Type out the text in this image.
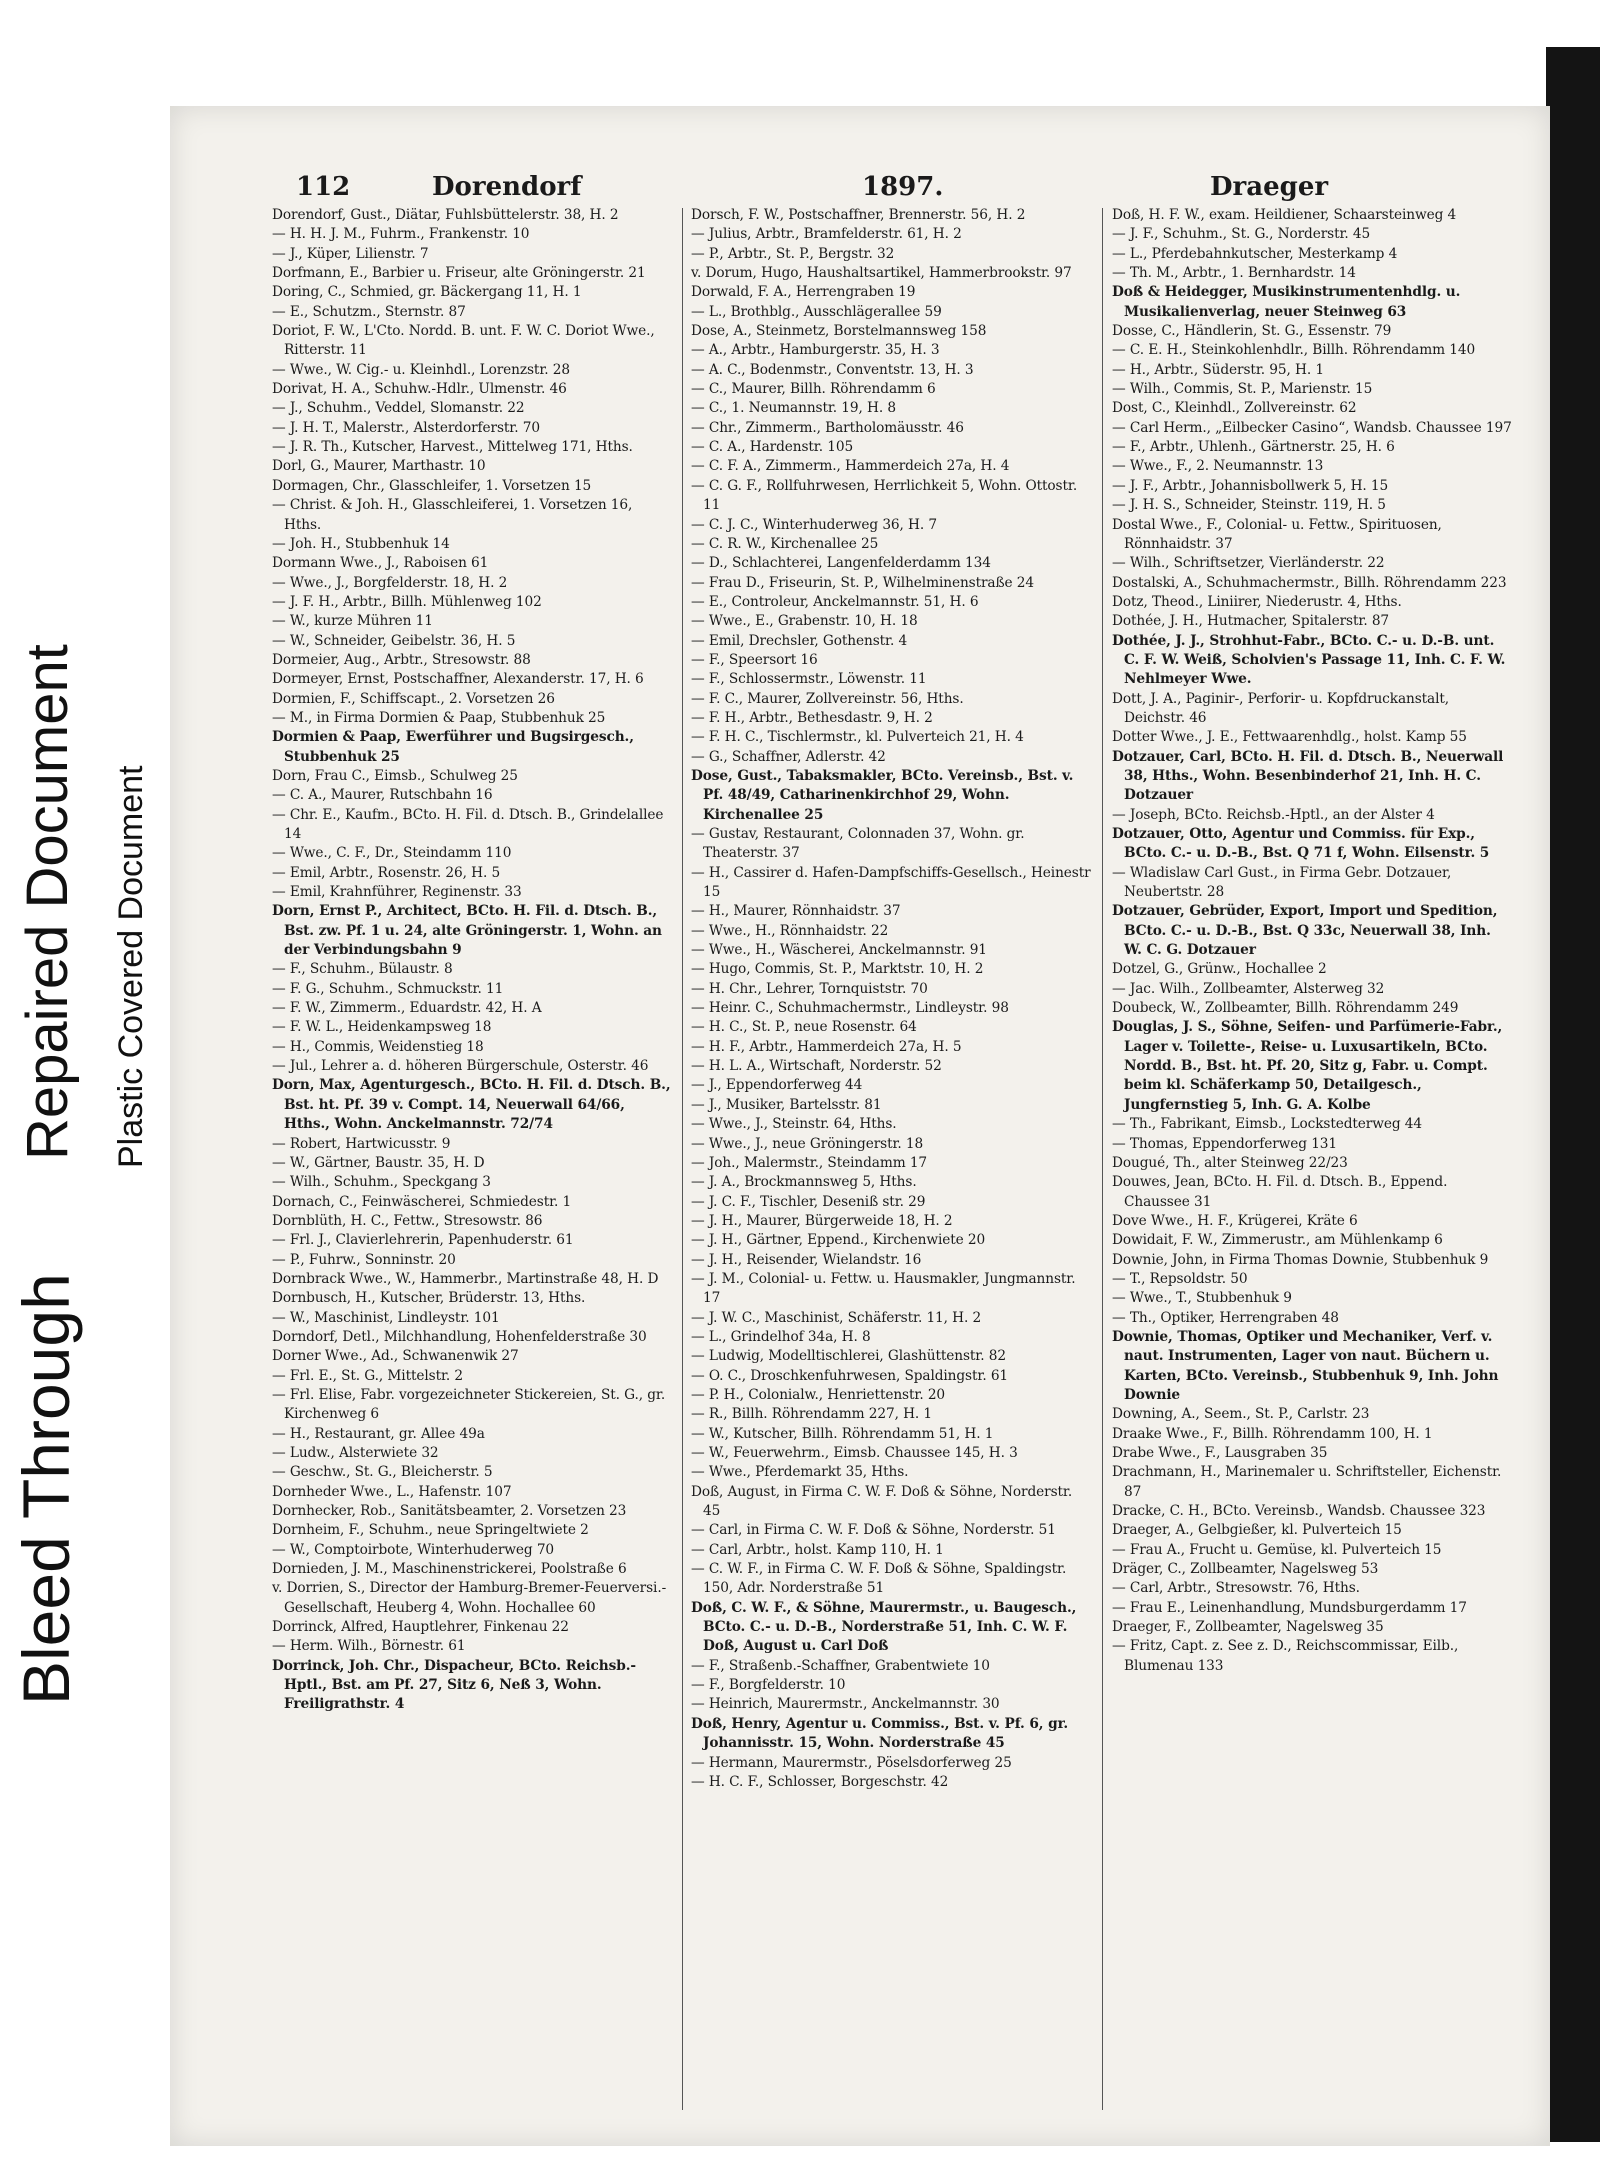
Bleed Through
Repaired Document Plastic Covered Document
112	Dorendorf	1897.	Draeger
Dorendorf, Gust., Diätar, Fuhlsbüttelerstr. 38, H. 2
— H. H. J. M., Fuhrm., Frankenstr. 10
— J., Küper, Lilienstr. 7
Dorfmann, E., Barbier u. Friseur, alte Gröningerstr. 21
Doring, C., Schmied, gr. Bäckergang 11, H. 1
— E., Schutzm., Sternstr. 87
Doriot, F. W., L'Cto. Nordd. B. unt. F. W. C. Doriot Wwe., Ritterstr. 11
— Wwe., W. Cig.- u. Kleinhdl., Lorenzstr. 28
Dorivat, H. A., Schuhw.-Hdlr., Ulmenstr. 46
— J., Schuhm., Veddel, Slomanstr. 22
— J. H. T., Malerstr., Alsterdorferstr. 70
— J. R. Th., Kutscher, Harvest., Mittelweg 171, Hths.
Dorl, G., Maurer, Marthastr. 10
Dormagen, Chr., Glasschleifer, 1. Vorsetzen 15
— Christ. & Joh. H., Glasschleiferei, 1. Vorsetzen 16, Hths.
— Joh. H., Stubbenhuk 14
Dormann Wwe., J., Raboisen 61
— Wwe., J., Borgfelderstr. 18, H. 2
— J. F. H., Arbtr., Billh. Mühlenweg 102
— W., kurze Mühren 11
— W., Schneider, Geibelstr. 36, H. 5
Dormeier, Aug., Arbtr., Stresowstr. 88
Dormeyer, Ernst, Postschaffner, Alexanderstr. 17, H. 6
Dormien, F., Schiffscapt., 2. Vorsetzen 26
— M., in Firma Dormien & Paap, Stubbenhuk 25
Dormien & Paap, Ewerführer und Bugsirgesch., Stubbenhuk 25
Dorn, Frau C., Eimsb., Schulweg 25
— C. A., Maurer, Rutschbahn 16
— Chr. E., Kaufm., BCto. H. Fil. d. Dtsch. B., Grindelallee 14
— Wwe., C. F., Dr., Steindamm 110
— Emil, Arbtr., Rosenstr. 26, H. 5
— Emil, Krahnführer, Reginenstr. 33
Dorn, Ernst P., Architect, BCto. H. Fil. d. Dtsch. B., Bst. zw. Pf. 1 u. 24, alte Gröningerstr. 1, Wohn. an der Verbindungsbahn 9
— F., Schuhm., Bülaustr. 8
— F. G., Schuhm., Schmuckstr. 11
— F. W., Zimmerm., Eduardstr. 42, H. A
— F. W. L., Heidenkampsweg 18
— H., Commis, Weidenstieg 18
— Jul., Lehrer a. d. höheren Bürgerschule, Osterstr. 46
Dorn, Max, Agenturgesch., BCto. H. Fil. d. Dtsch. B., Bst. ht. Pf. 39 v. Compt. 14, Neuerwall 64/66, Hths., Wohn. Anckelmannstr. 72/74
— Robert, Hartwicusstr. 9
— W., Gärtner, Baustr. 35, H. D
— Wilh., Schuhm., Speckgang 3
Dornach, C., Feinwäscherei, Schmiedestr. 1
Dornblüth, H. C., Fettw., Stresowstr. 86
— Frl. J., Clavierlehrerin, Papenhuderstr. 61
— P., Fuhrw., Sonninstr. 20
Dornbrack Wwe., W., Hammerbr., Martinstraße 48, H. D
Dornbusch, H., Kutscher, Brüderstr. 13, Hths.
— W., Maschinist, Lindleystr. 101
Dorndorf, Detl., Milchhandlung, Hohenfelderstraße 30
Dorner Wwe., Ad., Schwanenwik 27
— Frl. E., St. G., Mittelstr. 2
— Frl. Elise, Fabr. vorgezeichneter Stickereien, St. G., gr. Kirchenweg 6
— H., Restaurant, gr. Allee 49a
— Ludw., Alsterwiete 32
— Geschw., St. G., Bleicherstr. 5
Dornheder Wwe., L., Hafenstr. 107
Dornhecker, Rob., Sanitätsbeamter, 2. Vorsetzen 23
Dornheim, F., Schuhm., neue Springeltwiete 2
— W., Comptoirbote, Winterhuderweg 70
Dornieden, J. M., Maschinenstrickerei, Poolstraße 6
v. Dorrien, S., Director der Hamburg-Bremer-Feuerversi.-Gesellschaft, Heuberg 4, Wohn. Hochallee 60
Dorrinck, Alfred, Hauptlehrer, Finkenau 22
— Herm. Wilh., Börnestr. 61
Dorrinck, Joh. Chr., Dispacheur, BCto. Reichsb.-Hptl., Bst. am Pf. 27, Sitz 6, Neß 3, Wohn. Freiligrathstr. 4
Dorsch, F. W., Postschaffner, Brennerstr. 56, H. 2
— Julius, Arbtr., Bramfelderstr. 61, H. 2
— P., Arbtr., St. P., Bergstr. 32
v. Dorum, Hugo, Haushaltsartikel, Hammerbrookstr. 97
Dorwald, F. A., Herrengraben 19
— L., Brothblg., Ausschlägerallee 59
Dose, A., Steinmetz, Borstelmannsweg 158
— A., Arbtr., Hamburgerstr. 35, H. 3
— A. C., Bodenmstr., Conventstr. 13, H. 3
— C., Maurer, Billh. Röhrendamm 6
— C., 1. Neumannstr. 19, H. 8
— Chr., Zimmerm., Bartholomäusstr. 46
— C. A., Hardenstr. 105
— C. F. A., Zimmerm., Hammerdeich 27a, H. 4
— C. G. F., Rollfuhrwesen, Herrlichkeit 5, Wohn. Ottostr. 11
— C. J. C., Winterhuderweg 36, H. 7
— C. R. W., Kirchenallee 25
— D., Schlachterei, Langenfelderdamm 134
— Frau D., Friseurin, St. P., Wilhelminenstraße 24
— E., Controleur, Anckelmannstr. 51, H. 6
— Wwe., E., Grabenstr. 10, H. 18
— Emil, Drechsler, Gothenstr. 4
— F., Speersort 16
— F., Schlossermstr., Löwenstr. 11
— F. C., Maurer, Zollvereinstr. 56, Hths.
— F. H., Arbtr., Bethesdastr. 9, H. 2
— F. H. C., Tischlermstr., kl. Pulverteich 21, H. 4
— G., Schaffner, Adlerstr. 42
Dose, Gust., Tabaksmakler, BCto. Vereinsb., Bst. v. Pf. 48/49, Catharinenkirchhof 29, Wohn. Kirchenallee 25
— Gustav, Restaurant, Colonnaden 37, Wohn. gr. Theaterstr. 37
— H., Cassirer d. Hafen-Dampfschiffs-Gesellsch., Heinestr 15
— H., Maurer, Rönnhaidstr. 37
— Wwe., H., Rönnhaidstr. 22
— Wwe., H., Wäscherei, Anckelmannstr. 91
— Hugo, Commis, St. P., Marktstr. 10, H. 2
— H. Chr., Lehrer, Tornquiststr. 70
— Heinr. C., Schuhmachermstr., Lindleystr. 98
— H. C., St. P., neue Rosenstr. 64
— H. F., Arbtr., Hammerdeich 27a, H. 5
— H. L. A., Wirtschaft, Norderstr. 52
— J., Eppendorferweg 44
— J., Musiker, Bartelsstr. 81
— Wwe., J., Steinstr. 64, Hths.
— Wwe., J., neue Gröningerstr. 18
— Joh., Malermstr., Steindamm 17
— J. A., Brockmannsweg 5, Hths.
— J. C. F., Tischler, Deseniß str. 29
— J. H., Maurer, Bürgerweide 18, H. 2
— J. H., Gärtner, Eppend., Kirchenwiete 20
— J. H., Reisender, Wielandstr. 16
— J. M., Colonial- u. Fettw. u. Hausmakler, Jungmannstr. 17
— J. W. C., Maschinist, Schäferstr. 11, H. 2
— L., Grindelhof 34a, H. 8
— Ludwig, Modelltischlerei, Glashüttenstr. 82
— O. C., Droschkenfuhrwesen, Spaldingstr. 61
— P. H., Colonialw., Henriettenstr. 20
— R., Billh. Röhrendamm 227, H. 1
— W., Kutscher, Billh. Röhrendamm 51, H. 1
— W., Feuerwehrm., Eimsb. Chaussee 145, H. 3
— Wwe., Pferdemarkt 35, Hths.
Doß, August, in Firma C. W. F. Doß & Söhne, Norderstr. 45
— Carl, in Firma C. W. F. Doß & Söhne, Norderstr. 51
— Carl, Arbtr., holst. Kamp 110, H. 1
— C. W. F., in Firma C. W. F. Doß & Söhne, Spaldingstr. 150, Adr. Norderstraße 51
Doß, C. W. F., & Söhne, Maurermstr., u. Baugesch., BCto. C.- u. D.-B., Norderstraße 51, Inh. C. W. F. Doß, August u. Carl Doß
— F., Straßenb.-Schaffner, Grabentwiete 10
— F., Borgfelderstr. 10
— Heinrich, Maurermstr., Anckelmannstr. 30
Doß, Henry, Agentur u. Commiss., Bst. v. Pf. 6, gr. Johannisstr. 15, Wohn. Norderstraße 45
— Hermann, Maurermstr., Pöselsdorferweg 25
— H. C. F., Schlosser, Borgeschstr. 42
Doß, H. F. W., exam. Heildiener, Schaarsteinweg 4
— J. F., Schuhm., St. G., Norderstr. 45
— L., Pferdebahnkutscher, Mesterkamp 4
— Th. M., Arbtr., 1. Bernhardstr. 14
Doß & Heidegger, Musikinstrumentenhdlg. u. Musikalienverlag, neuer Steinweg 63
Dosse, C., Händlerin, St. G., Essenstr. 79
— C. E. H., Steinkohlenhdlr., Billh. Röhrendamm 140
— H., Arbtr., Süderstr. 95, H. 1
— Wilh., Commis, St. P., Marienstr. 15
Dost, C., Kleinhdl., Zollvereinstr. 62
— Carl Herm., „Eilbecker Casino“, Wandsb. Chaussee 197
— F., Arbtr., Uhlenh., Gärtnerstr. 25, H. 6
— Wwe., F., 2. Neumannstr. 13
— J. F., Arbtr., Johannisbollwerk 5, H. 15
— J. H. S., Schneider, Steinstr. 119, H. 5
Dostal Wwe., F., Colonial- u. Fettw., Spirituosen, Rönnhaidstr. 37
— Wilh., Schriftsetzer, Vierländerstr. 22
Dostalski, A., Schuhmachermstr., Billh. Röhrendamm 223
Dotz, Theod., Liniirer, Niederustr. 4, Hths.
Dothée, J. H., Hutmacher, Spitalerstr. 87
Dothée, J. J., Strohhut-Fabr., BCto. C.- u. D.-B. unt. C. F. W. Weiß, Scholvien's Passage 11, Inh. C. F. W. Nehlmeyer Wwe.
Dott, J. A., Paginir-, Perforir- u. Kopfdruckanstalt, Deichstr. 46
Dotter Wwe., J. E., Fettwaarenhdlg., holst. Kamp 55
Dotzauer, Carl, BCto. H. Fil. d. Dtsch. B., Neuerwall 38, Hths., Wohn. Besenbinderhof 21, Inh. H. C. Dotzauer
— Joseph, BCto. Reichsb.-Hptl., an der Alster 4
Dotzauer, Otto, Agentur und Commiss. für Exp., BCto. C.- u. D.-B., Bst. Q 71 f, Wohn. Eilsenstr. 5
— Wladislaw Carl Gust., in Firma Gebr. Dotzauer, Neubertstr. 28
Dotzauer, Gebrüder, Export, Import und Spedition, BCto. C.- u. D.-B., Bst. Q 33c, Neuerwall 38, Inh. W. C. G. Dotzauer
Dotzel, G., Grünw., Hochallee 2
— Jac. Wilh., Zollbeamter, Alsterweg 32
Doubeck, W., Zollbeamter, Billh. Röhrendamm 249
Douglas, J. S., Söhne, Seifen- und Parfümerie-Fabr., Lager v. Toilette-, Reise- u. Luxusartikeln, BCto. Nordd. B., Bst. ht. Pf. 20, Sitz g, Fabr. u. Compt. beim kl. Schäferkamp 50, Detailgesch., Jungfernstieg 5, Inh. G. A. Kolbe
— Th., Fabrikant, Eimsb., Lockstedterweg 44
— Thomas, Eppendorferweg 131
Dougué, Th., alter Steinweg 22/23
Douwes, Jean, BCto. H. Fil. d. Dtsch. B., Eppend. Chaussee 31
Dove Wwe., H. F., Krügerei, Kräte 6
Dowidait, F. W., Zimmerustr., am Mühlenkamp 6
Downie, John, in Firma Thomas Downie, Stubbenhuk 9
— T., Repsoldstr. 50
— Wwe., T., Stubbenhuk 9
— Th., Optiker, Herrengraben 48
Downie, Thomas, Optiker und Mechaniker, Verf. v. naut. Instrumenten, Lager von naut. Büchern u. Karten, BCto. Vereinsb., Stubbenhuk 9, Inh. John Downie
Downing, A., Seem., St. P., Carlstr. 23
Draake Wwe., F., Billh. Röhrendamm 100, H. 1
Drabe Wwe., F., Lausgraben 35
Drachmann, H., Marinemaler u. Schriftsteller, Eichenstr. 87
Dracke, C. H., BCto. Vereinsb., Wandsb. Chaussee 323
Draeger, A., Gelbgießer, kl. Pulverteich 15
— Frau A., Frucht u. Gemüse, kl. Pulverteich 15
Dräger, C., Zollbeamter, Nagelsweg 53
— Carl, Arbtr., Stresowstr. 76, Hths.
— Frau E., Leinenhandlung, Mundsburgerdamm 17
Draeger, F., Zollbeamter, Nagelsweg 35
— Fritz, Capt. z. See z. D., Reichscommissar, Eilb., Blumenau 133
